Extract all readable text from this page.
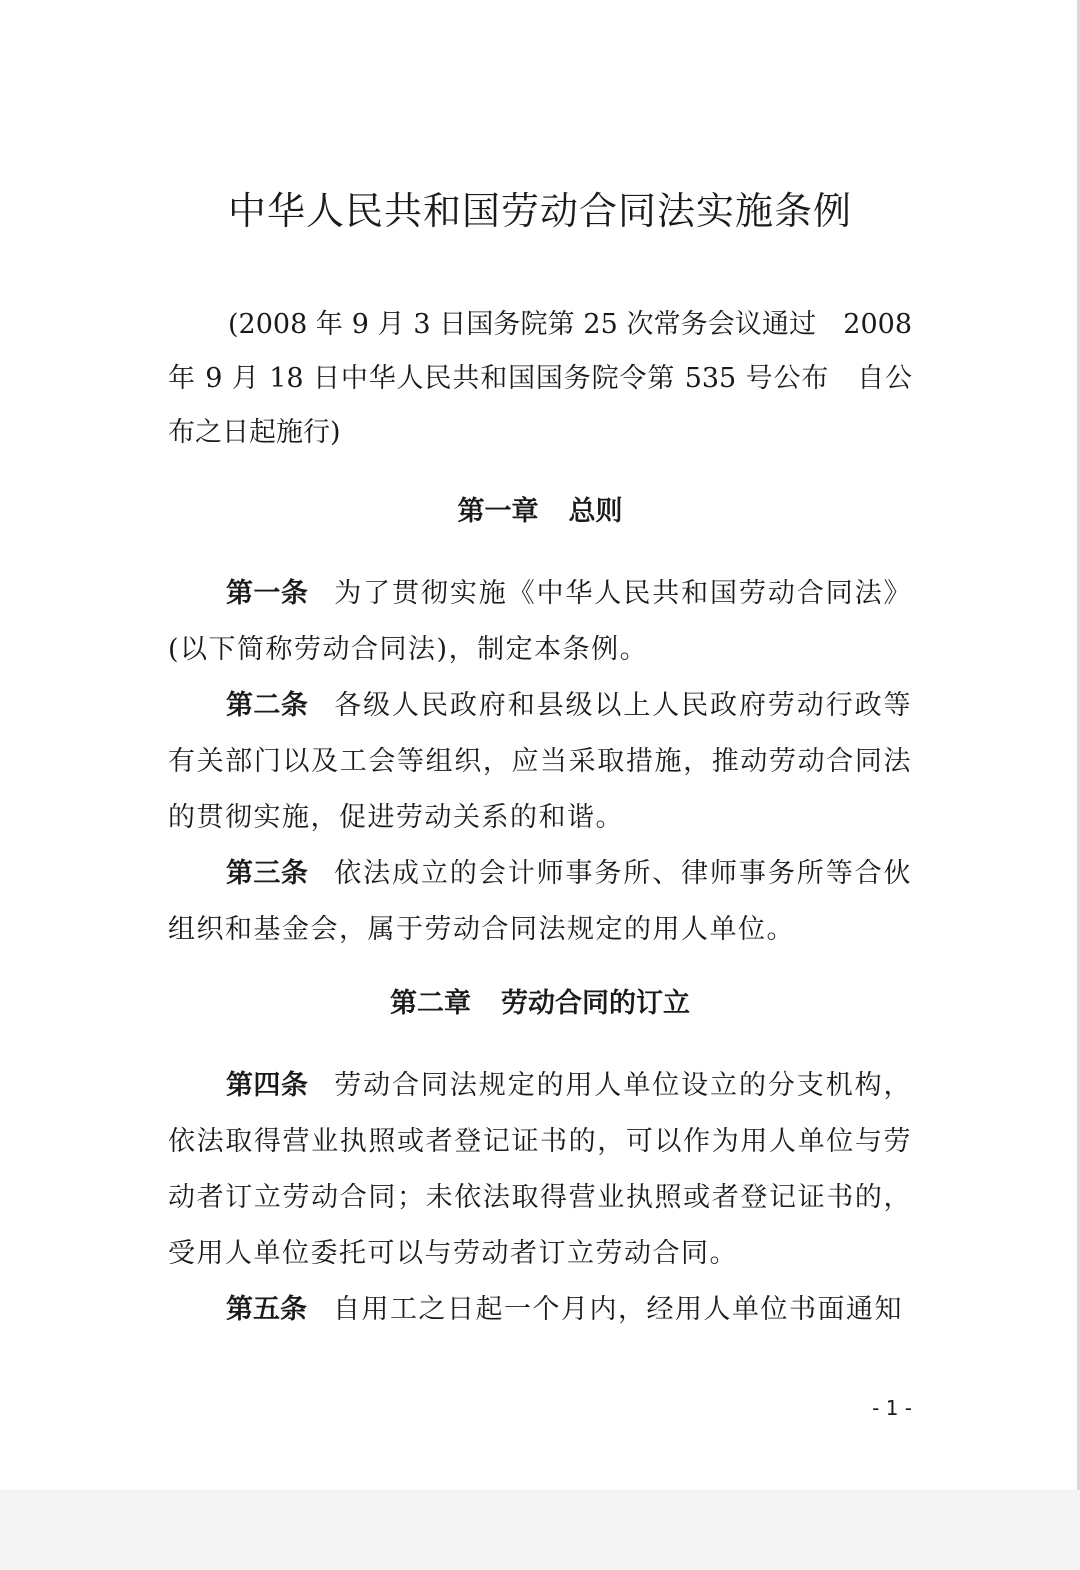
中华人民共和国劳动合同法实施条例
(2008 年 9 月 3 日国务院第 25 次常务会议通过　2008 年 9 月 18 日中华人民共和国国务院令第 535 号公布　自公布之日起施行)
第一章 总则
第一条 为了贯彻实施《中华人民共和国劳动合同法》(以下简称劳动合同法)，制定本条例。
第二条 各级人民政府和县级以上人民政府劳动行政等有关部门以及工会等组织，应当采取措施，推动劳动合同法的贯彻实施，促进劳动关系的和谐。
第三条 依法成立的会计师事务所、律师事务所等合伙组织和基金会，属于劳动合同法规定的用人单位。
第二章 劳动合同的订立
第四条 劳动合同法规定的用人单位设立的分支机构，依法取得营业执照或者登记证书的，可以作为用人单位与劳动者订立劳动合同；未依法取得营业执照或者登记证书的，受用人单位委托可以与劳动者订立劳动合同。
第五条 自用工之日起一个月内，经用人单位书面通知
- 1 -
